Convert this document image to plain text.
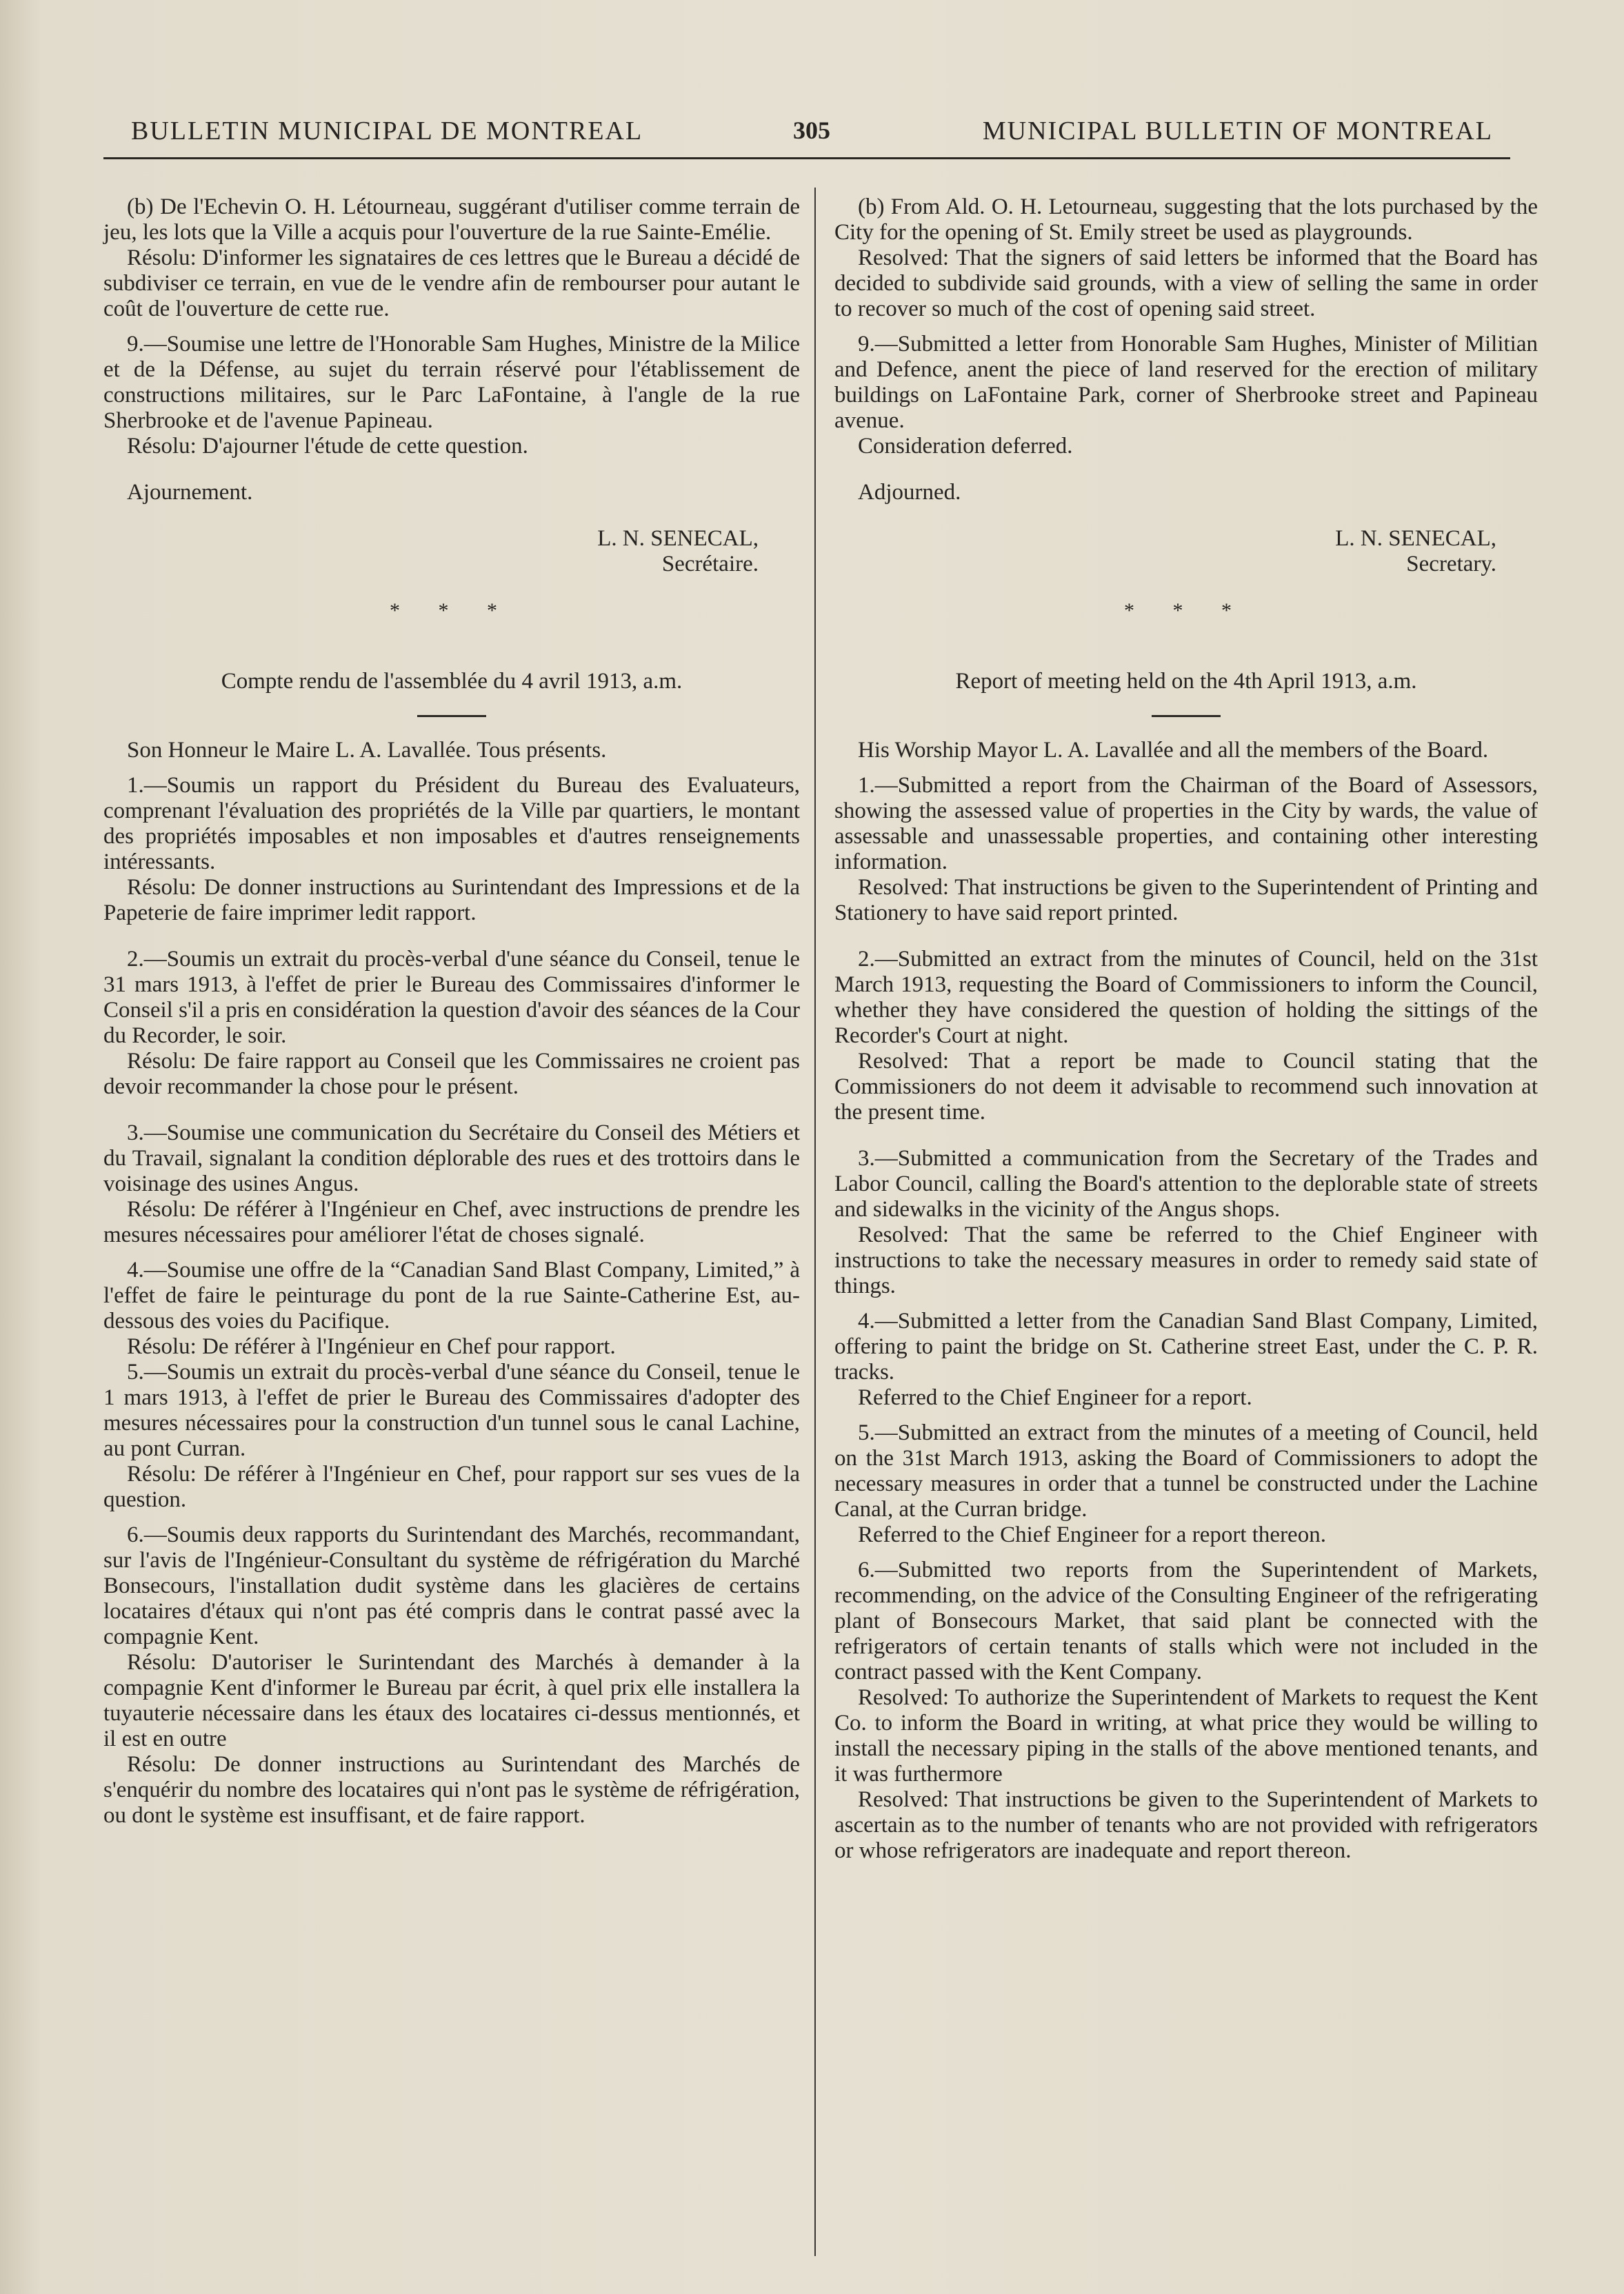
BULLETIN MUNICIPAL DE MONTREAL	305	MUNICIPAL BULLETIN OF MONTREAL

(b) De l'Echevin O. H. Létourneau, suggérant d'utiliser comme terrain de jeu, les lots que la Ville a acquis pour l'ouverture de la rue Sainte-Emélie.

Résolu: D'informer les signataires de ces lettres que le Bureau a décidé de subdiviser ce terrain, en vue de le vendre afin de rembourser pour autant le coût de l'ouverture de cette rue.

9.—Soumise une lettre de l'Honorable Sam Hughes, Ministre de la Milice et de la Défense, au sujet du terrain réservé pour l'établissement de constructions militaires, sur le Parc LaFontaine, à l'angle de la rue Sherbrooke et de l'avenue Papineau.

Résolu: D'ajourner l'étude de cette question.

Ajournement.

L. N. SENECAL,
Secrétaire.

* * *

Compte rendu de l'assemblée du 4 avril 1913, a.m.

Son Honneur le Maire L. A. Lavallée. Tous présents.

1.—Soumis un rapport du Président du Bureau des Evaluateurs, comprenant l'évaluation des propriétés de la Ville par quartiers, le montant des propriétés imposables et non imposables et d'autres renseignements intéressants.

Résolu: De donner instructions au Surintendant des Impressions et de la Papeterie de faire imprimer ledit rapport.

2.—Soumis un extrait du procès-verbal d'une séance du Conseil, tenue le 31 mars 1913, à l'effet de prier le Bureau des Commissaires d'informer le Conseil s'il a pris en considération la question d'avoir des séances de la Cour du Recorder, le soir.

Résolu: De faire rapport au Conseil que les Commissaires ne croient pas devoir recommander la chose pour le présent.

3.—Soumise une communication du Secrétaire du Conseil des Métiers et du Travail, signalant la condition déplorable des rues et des trottoirs dans le voisinage des usines Angus.

Résolu: De référer à l'Ingénieur en Chef, avec instructions de prendre les mesures nécessaires pour améliorer l'état de choses signalé.

4.—Soumise une offre de la “Canadian Sand Blast Company, Limited,” à l'effet de faire le peinturage du pont de la rue Sainte-Catherine Est, au-dessous des voies du Pacifique.

Résolu: De référer à l'Ingénieur en Chef pour rapport.

5.—Soumis un extrait du procès-verbal d'une séance du Conseil, tenue le 1 mars 1913, à l'effet de prier le Bureau des Commissaires d'adopter des mesures nécessaires pour la construction d'un tunnel sous le canal Lachine, au pont Curran.

Résolu: De référer à l'Ingénieur en Chef, pour rapport sur ses vues de la question.

6.—Soumis deux rapports du Surintendant des Marchés, recommandant, sur l'avis de l'Ingénieur-Consultant du système de réfrigération du Marché Bonsecours, l'installation dudit système dans les glacières de certains locataires d'étaux qui n'ont pas été compris dans le contrat passé avec la compagnie Kent.

Résolu: D'autoriser le Surintendant des Marchés à demander à la compagnie Kent d'informer le Bureau par écrit, à quel prix elle installera la tuyauterie nécessaire dans les étaux des locataires ci-dessus mentionnés, et il est en outre

Résolu: De donner instructions au Surintendant des Marchés de s'enquérir du nombre des locataires qui n'ont pas le système de réfrigération, ou dont le système est insuffisant, et de faire rapport.

(b) From Ald. O. H. Letourneau, suggesting that the lots purchased by the City for the opening of St. Emily street be used as playgrounds.

Resolved: That the signers of said letters be informed that the Board has decided to subdivide said grounds, with a view of selling the same in order to recover so much of the cost of opening said street.

9.—Submitted a letter from Honorable Sam Hughes, Minister of Militian and Defence, anent the piece of land reserved for the erection of military buildings on LaFontaine Park, corner of Sherbrooke street and Papineau avenue.

Consideration deferred.

Adjourned.

L. N. SENECAL,
Secretary.

* * *

Report of meeting held on the 4th April 1913, a.m.

His Worship Mayor L. A. Lavallée and all the members of the Board.

1.—Submitted a report from the Chairman of the Board of Assessors, showing the assessed value of properties in the City by wards, the value of assessable and unassessable properties, and containing other interesting information.

Resolved: That instructions be given to the Superintendent of Printing and Stationery to have said report printed.

2.—Submitted an extract from the minutes of Council, held on the 31st March 1913, requesting the Board of Commissioners to inform the Council, whether they have considered the question of holding the sittings of the Recorder's Court at night.

Resolved: That a report be made to Council stating that the Commissioners do not deem it advisable to recommend such innovation at the present time.

3.—Submitted a communication from the Secretary of the Trades and Labor Council, calling the Board's attention to the deplorable state of streets and sidewalks in the vicinity of the Angus shops.

Resolved: That the same be referred to the Chief Engineer with instructions to take the necessary measures in order to remedy said state of things.

4.—Submitted a letter from the Canadian Sand Blast Company, Limited, offering to paint the bridge on St. Catherine street East, under the C. P. R. tracks.

Referred to the Chief Engineer for a report.

5.—Submitted an extract from the minutes of a meeting of Council, held on the 31st March 1913, asking the Board of Commissioners to adopt the necessary measures in order that a tunnel be constructed under the Lachine Canal, at the Curran bridge.

Referred to the Chief Engineer for a report thereon.

6.—Submitted two reports from the Superintendent of Markets, recommending, on the advice of the Consulting Engineer of the refrigerating plant of Bonsecours Market, that said plant be connected with the refrigerators of certain tenants of stalls which were not included in the contract passed with the Kent Company.

Resolved: To authorize the Superintendent of Markets to request the Kent Co. to inform the Board in writing, at what price they would be willing to install the necessary piping in the stalls of the above mentioned tenants, and it was furthermore

Resolved: That instructions be given to the Superintendent of Markets to ascertain as to the number of tenants who are not provided with refrigerators or whose refrigerators are inadequate and report thereon.
